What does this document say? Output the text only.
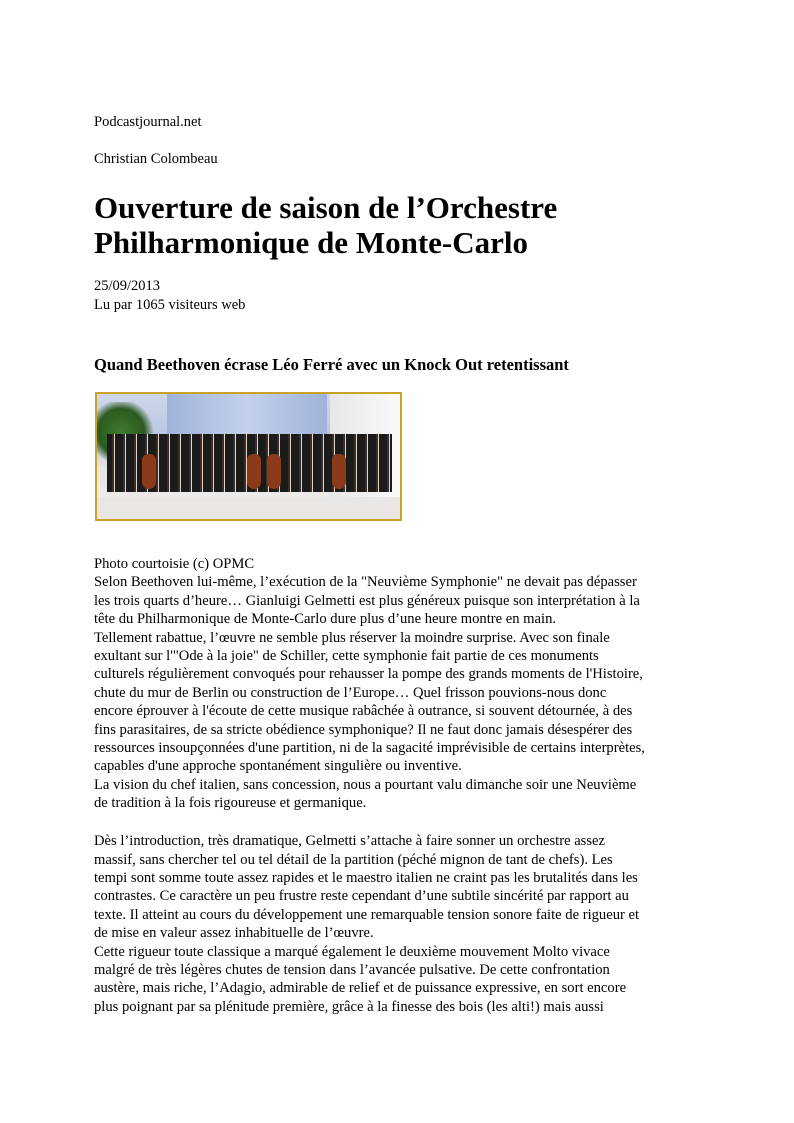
Podcastjournal.net
Christian Colombeau
Ouverture de saison de l’Orchestre
Philharmonique de Monte-Carlo
25/09/2013
Lu par 1065 visiteurs web
Quand Beethoven écrase Léo Ferré avec un Knock Out retentissant
Photo courtoisie (c) OPMC
Selon Beethoven lui-même, l’exécution de la "Neuvième Symphonie" ne devait pas dépasser
les trois quarts d’heure… Gianluigi Gelmetti est plus généreux puisque son interprétation à la
tête du Philharmonique de Monte-Carlo dure plus d’une heure montre en main.
Tellement rabattue, l’œuvre ne semble plus réserver la moindre surprise. Avec son finale
exultant sur l'"Ode à la joie" de Schiller, cette symphonie fait partie de ces monuments
culturels régulièrement convoqués pour rehausser la pompe des grands moments de l'Histoire,
chute du mur de Berlin ou construction de l’Europe… Quel frisson pouvions-nous donc
encore éprouver à l'écoute de cette musique rabâchée à outrance, si souvent détournée, à des
fins parasitaires, de sa stricte obédience symphonique? Il ne faut donc jamais désespérer des
ressources insoupçonnées d'une partition, ni de la sagacité imprévisible de certains interprètes,
capables d'une approche spontanément singulière ou inventive.
La vision du chef italien, sans concession, nous a pourtant valu dimanche soir une Neuvième
de tradition à la fois rigoureuse et germanique.
Dès l’introduction, très dramatique, Gelmetti s’attache à faire sonner un orchestre assez
massif, sans chercher tel ou tel détail de la partition (péché mignon de tant de chefs). Les
tempi sont somme toute assez rapides et le maestro italien ne craint pas les brutalités dans les
contrastes. Ce caractère un peu frustre reste cependant d’une subtile sincérité par rapport au
texte. Il atteint au cours du développement une remarquable tension sonore faite de rigueur et
de mise en valeur assez inhabituelle de l’œuvre.
Cette rigueur toute classique a marqué également le deuxième mouvement Molto vivace
malgré de très légères chutes de tension dans l’avancée pulsative. De cette confrontation
austère, mais riche, l’Adagio, admirable de relief et de puissance expressive, en sort encore
plus poignant par sa plénitude première, grâce à la finesse des bois (les alti!) mais aussi
